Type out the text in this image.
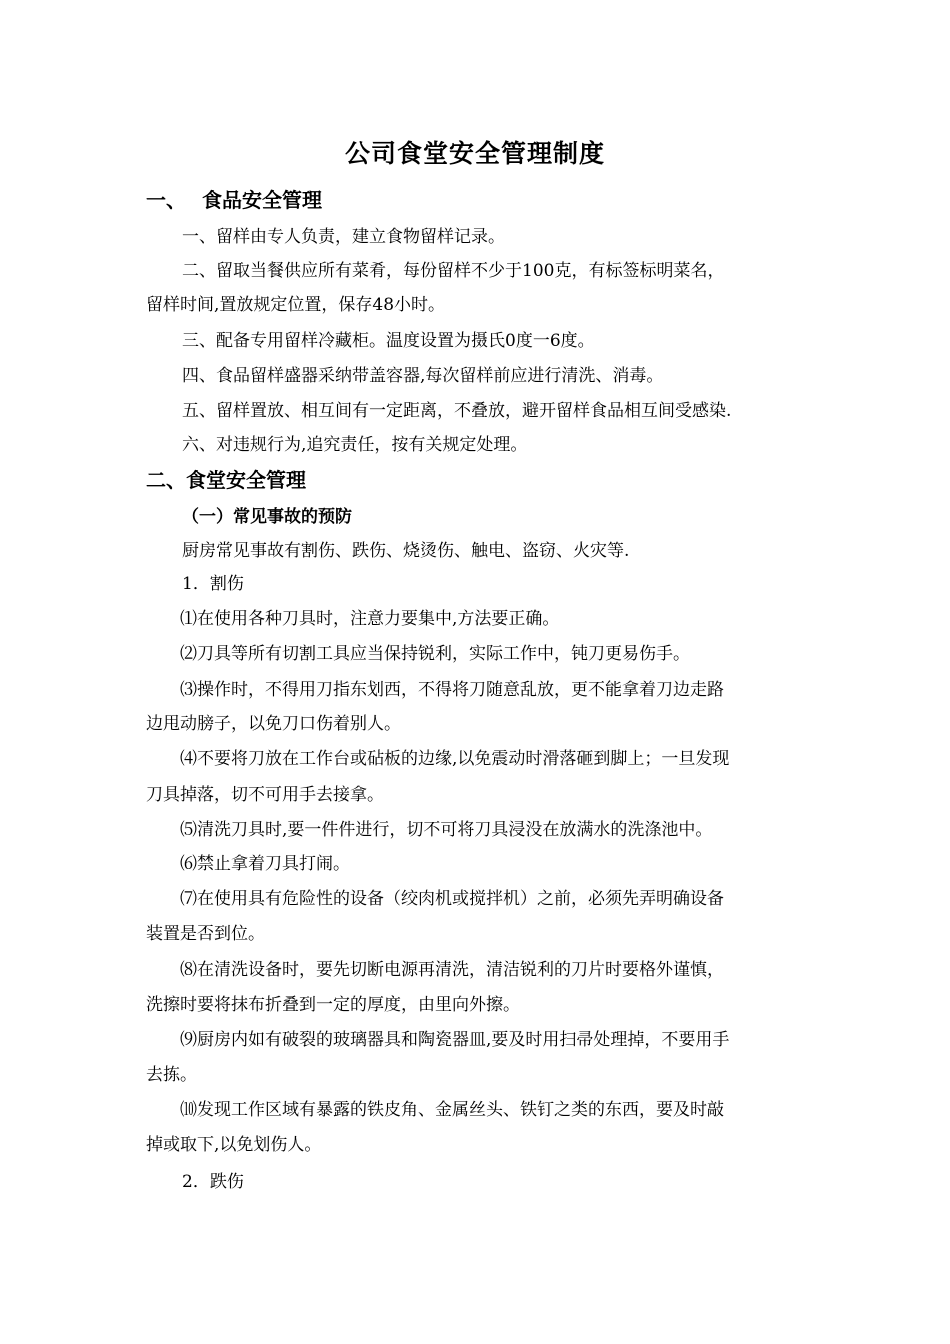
公司食堂安全管理制度
一、 食品安全管理
一、留样由专人负责，建立食物留样记录。
二、留取当餐供应所有菜肴，每份留样不少于100克，有标签标明菜名，
留样时间,置放规定位置，保存48小时。
三、配备专用留样冷藏柜。温度设置为摄氏0度一6度。
四、食品留样盛器采纳带盖容器,每次留样前应进行清洗、消毒。
五、留样置放、相互间有一定距离，不叠放，避开留样食品相互间受感染.
六、对违规行为,追究责任，按有关规定处理。
二、食堂安全管理
（一）常见事故的预防
厨房常见事故有割伤、跌伤、烧烫伤、触电、盗窃、火灾等.
1．割伤
⑴在使用各种刀具时，注意力要集中,方法要正确。
⑵刀具等所有切割工具应当保持锐利，实际工作中，钝刀更易伤手。
⑶操作时，不得用刀指东划西，不得将刀随意乱放，更不能拿着刀边走路
边甩动膀子，以免刀口伤着别人。
⑷不要将刀放在工作台或砧板的边缘,以免震动时滑落砸到脚上；一旦发现
刀具掉落，切不可用手去接拿。
⑸清洗刀具时,要一件件进行，切不可将刀具浸没在放满水的洗涤池中。
⑹禁止拿着刀具打闹。
⑺在使用具有危险性的设备（绞肉机或搅拌机）之前，必须先弄明确设备
装置是否到位。
⑻在清洗设备时，要先切断电源再清洗，清洁锐利的刀片时要格外谨慎，
洗擦时要将抹布折叠到一定的厚度，由里向外擦。
⑼厨房内如有破裂的玻璃器具和陶瓷器皿,要及时用扫帚处理掉，不要用手
去拣。
⑽发现工作区域有暴露的铁皮角、金属丝头、铁钉之类的东西，要及时敲
掉或取下,以免划伤人。
2．跌伤
